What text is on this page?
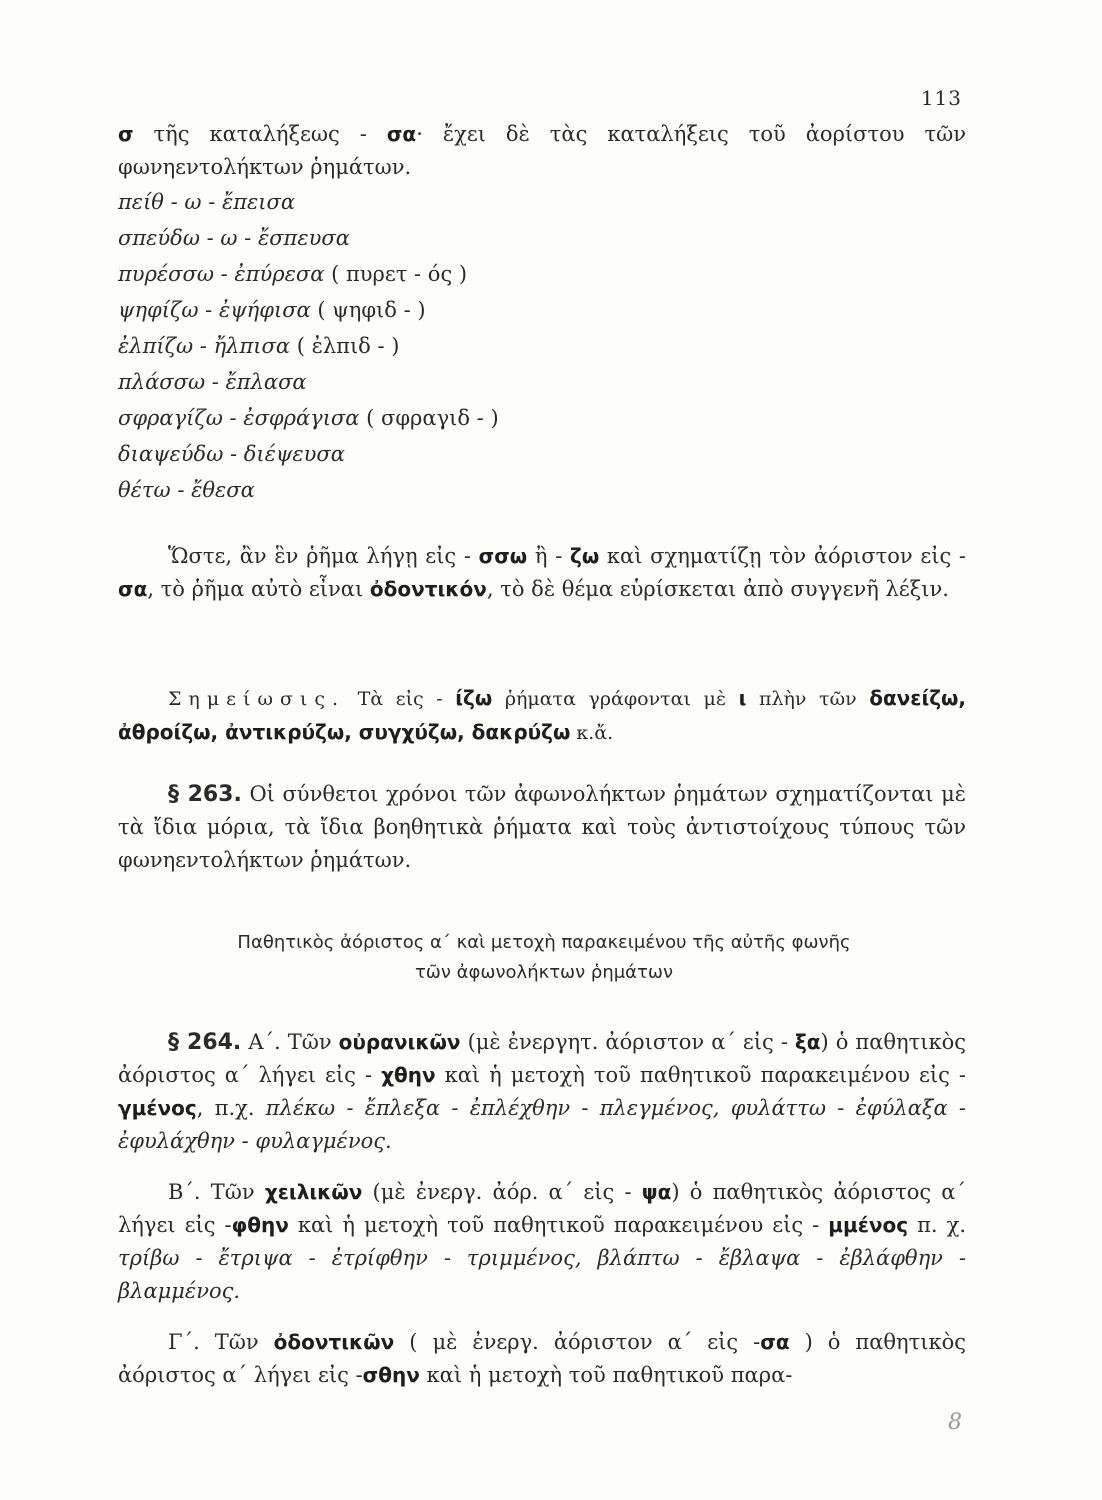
113
σ τῆς καταλήξεως - σα· ἔχει δὲ τὰς καταλήξεις τοῦ ἀορίστου τῶν φωνηεντολήκτων ῥημάτων.
πείθ - ω - ἔπεισα
σπεύδω - ω - ἔσπευσα
πυρέσσω - ἐπύρεσα ( πυρετ - ός )
ψηφίζω - ἐψήφισα ( ψηφιδ - )
ἐλπίζω - ἤλπισα ( ἐλπιδ - )
πλάσσω - ἔπλασα
σφραγίζω - ἐσφράγισα ( σφραγιδ - )
διαψεύδω - διέψευσα
θέτω - ἔθεσα
Ὥστε, ἂν ἓν ῥῆμα λήγῃ εἰς - σσω ἢ - ζω καὶ σχηματίζῃ τὸν ἀόριστον εἰς - σα, τὸ ῥῆμα αὐτὸ εἶναι ὀδοντικόν, τὸ δὲ θέμα εὑρίσκεται ἀπὸ συγγενῆ λέξιν.
Σημείωσις. Τὰ εἰς - ίζω ῥήματα γράφονται μὲ ι πλὴν τῶν δανείζω, ἀθροίζω, ἀντικρύζω, συγχύζω, δακρύζω κ.ἄ.
§ 263. Οἱ σύνθετοι χρόνοι τῶν ἀφωνολήκτων ῥημάτων σχηματίζονται μὲ τὰ ἴδια μόρια, τὰ ἴδια βοηθητικὰ ῥήματα καὶ τοὺς ἀντιστοίχους τύπους τῶν φωνηεντολήκτων ῥημάτων.
Παθητικὸς ἀόριστος α΄ καὶ μετοχὴ παρακειμένου τῆς αὐτῆς φωνῆς
τῶν ἀφωνολήκτων ῥημάτων
§ 264. Α΄. Τῶν οὐρανικῶν (μὲ ἐνεργητ. ἀόριστον α΄ εἰς - ξα) ὁ παθητικὸς ἀόριστος α΄ λήγει εἰς - χθην καὶ ἡ μετοχὴ τοῦ παθητικοῦ παρακειμένου εἰς - γμένος, π.χ. πλέκω - ἔπλεξα - ἐπλέχθην - πλεγμένος, φυλάττω - ἐφύλαξα - ἐφυλάχθην - φυλαγμένος.
Β΄. Τῶν χειλικῶν (μὲ ἐνεργ. ἀόρ. α΄ εἰς - ψα) ὁ παθητικὸς ἀόριστος α΄ λήγει εἰς -φθην καὶ ἡ μετοχὴ τοῦ παθητικοῦ παρακειμένου εἰς - μμένος π. χ. τρίβω - ἔτριψα - ἐτρίφθην - τριμμένος, βλάπτω - ἔβλαψα - ἐβλάφθην - βλαμμένος.
Γ΄. Τῶν ὀδοντικῶν ( μὲ ἐνεργ. ἀόριστον α΄ εἰς -σα ) ὁ παθητικὸς ἀόριστος α΄ λήγει εἰς -σθην καὶ ἡ μετοχὴ τοῦ παθητικοῦ παρα-
8
